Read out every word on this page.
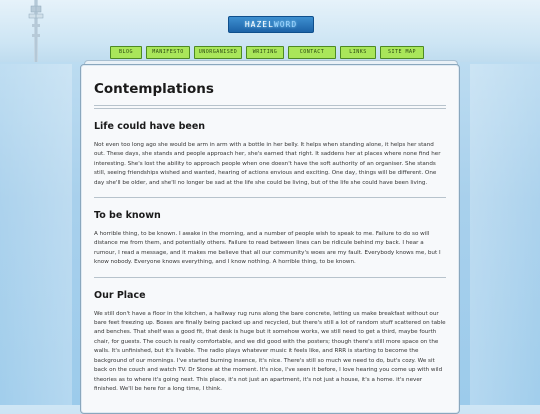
HAZEL WORD
BLOG	MANIFESTO	UNORGANISED	WRITING	CONTACT	LINKS	SITE MAP
Contemplations
Life could have been

Not even too long ago she would be arm in arm with a bottle in her belly. It helps when standing alone, it helps her stand out. These days, she stands and people approach her, she's earned that right. It saddens her at places where none find her interesting. She's lost the ability to approach people when one doesn't have the soft authority of an organiser. She stands still, seeing friendships wished and wanted, hearing of actions envious and exciting. One day, things will be different. One day she'll be older, and she'll no longer be sad at the life she could be living, but of the life she could have been living.

To be known

A horrible thing, to be known. I awake in the morning, and a number of people wish to speak to me. Failure to do so will distance me from them, and potentially others. Failure to read between lines can be ridicule behind my back. I hear a rumour, I read a message, and it makes me believe that all our community's woes are my fault. Everybody knows me, but I know nobody. Everyone knows everything, and I know nothing. A horrible thing, to be known.

Our Place

We still don't have a floor in the kitchen, a hallway rug runs along the bare concrete, letting us make breakfast without our bare feet freezing up. Boxes are finally being packed up and recycled, but there's still a lot of random stuff scattered on table and benches. That shelf was a good fit, that desk is huge but it somehow works, we still need to get a third, maybe fourth chair, for guests. The couch is really comfortable, and we did good with the posters; though there's still more space on the walls. It's unfinished, but it's livable. The radio plays whatever music it feels like, and RRR is starting to become the background of our mornings. I've started burning insence, it's nice. There's still so much we need to do, but's cozy. We sit back on the couch and watch TV. Dr Stone at the moment. It's nice, I've seen it before, I love hearing you come up with wild theories as to where it's going next. This place, it's not just an apartment, it's not just a house, it's a home. it's never finished. We'll be here for a long time, I think.
